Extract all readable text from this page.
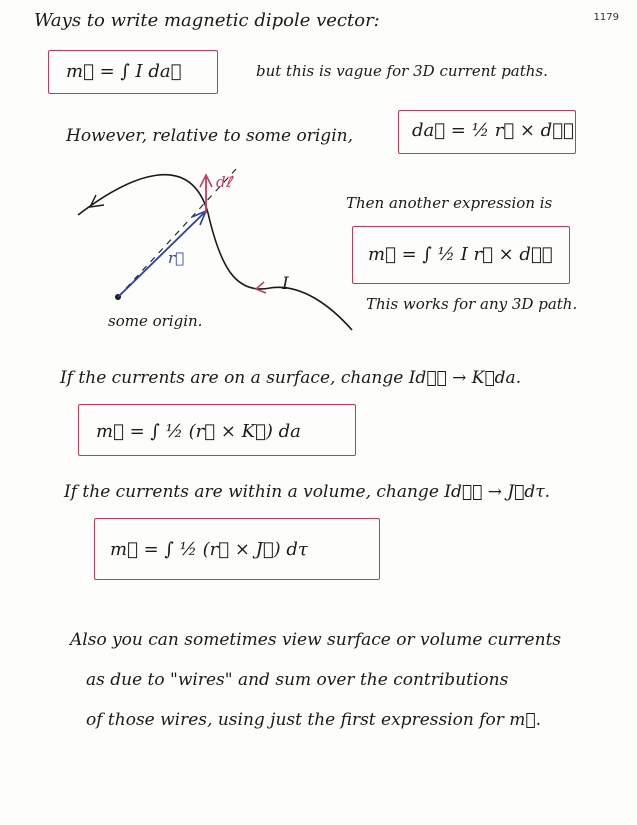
1179
Ways to write magnetic dipole vector:
m⃗ = ∫ I da⃗	but this is vague for 3D current paths.
However, relative to some origin,	da⃗ = ½ r⃗ × dℓ⃗
dℓ⃗
r⃗
I
some origin.
Then another expression is
m⃗ = ∫ ½ I r⃗ × dℓ⃗
This works for any 3D path.
If the currents are on a surface, change Idℓ⃗ → K⃗da.
m⃗ = ∫ ½ (r⃗ × K⃗) da
If the currents are within a volume, change Idℓ⃗ → J⃗dτ.
m⃗ = ∫ ½ (r⃗ × J⃗) dτ
Also you can sometimes view surface or volume currents
as due to "wires" and sum over the contributions
of those wires, using just the first expression for m⃗.
